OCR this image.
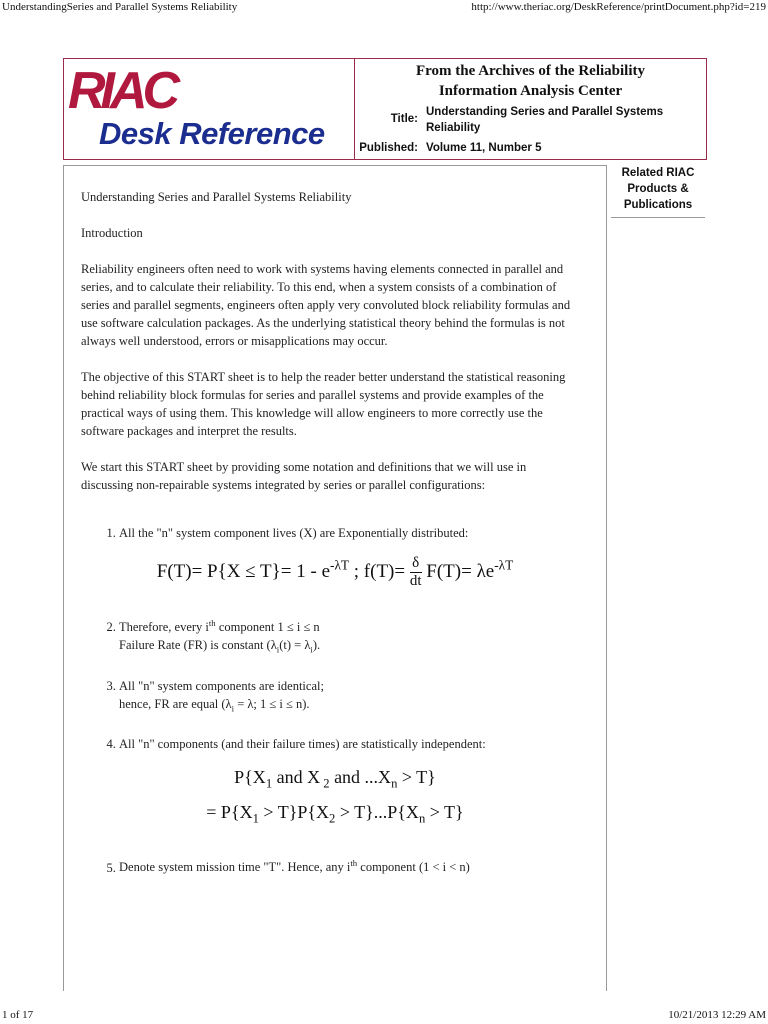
UnderstandingSeries and Parallel Systems Reliability	http://www.theriac.org/DeskReference/printDocument.php?id=219
RIAC
Desk Reference
From the Archives of the Reliability
Information Analysis Center
Title:
Understanding Series and Parallel Systems
Reliability
Published: Volume 11, Number 5
Related RIAC
Products &
Publications

Understanding Series and Parallel Systems Reliability

Introduction

Reliability engineers often need to work with systems having elements connected in parallel and series, and to calculate their reliability. To this end, when a system consists of a combination of series and parallel segments, engineers often apply very convoluted block reliability formulas and use software calculation packages. As the underlying statistical theory behind the formulas is not always well understood, errors or misapplications may occur.

The objective of this START sheet is to help the reader better understand the statistical reasoning behind reliability block formulas for series and parallel systems and provide examples of the practical ways of using them. This knowledge will allow engineers to more correctly use the software packages and interpret the results.

We start this START sheet by providing some notation and definitions that we will use in discussing non-repairable systems integrated by series or parallel configurations:

1. All the "n" system component lives (X) are Exponentially distributed:
$F(T)= P\{X \le T\}= 1 - e^{-\lambda T}$ ; $f(T)= \frac{\delta}{dt} F(T)= \lambda e^{-\lambda T}$
2. Therefore, every $i^{th}$ component 1 ≤ i ≤ n
Failure Rate (FR) is constant $(\lambda_i(t) = \lambda_i)$.
3. All "n" system components are identical;
hence, FR are equal ($\lambda_i = \lambda$; 1 ≤ i ≤ n).
4. All "n" components (and their failure times) are statistically independent:
$P\{X_1$ and X $_2$ and $...X_n > T$}
= $P\{X_1 > T\}P\{X_2 > T\}...P\{X_n > T\}$
5. Denote system mission time "T". Hence, any $i^{th}$ component (1 < i < n)
1 of 17	10/21/2013 12:29 AM
